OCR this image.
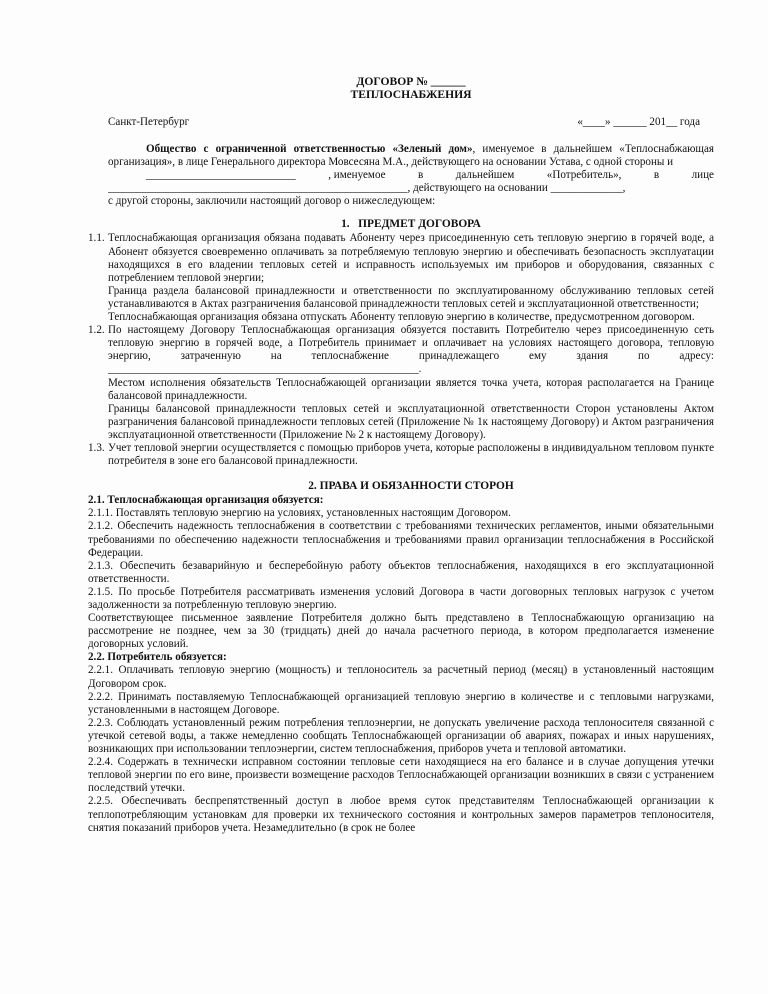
ДОГОВОР № ______
ТЕПЛОСНАБЖЕНИЯ
Санкт-Петербург	«____» ______ 201__ года

Общество с ограниченной ответственностью «Зеленый дом», именуемое в дальнейшем «Теплоснабжающая организация», в лице Генерального директора Мовсесяна М.А., действующего на основании Устава, с одной стороны и

___________________________	, именуемое	в	дальнейшем	«Потребитель»,	в	лице
______________________________________________________, действующего на основании _____________,
с другой стороны, заключили настоящий договор о нижеследующем:
1.   ПРЕДМЕТ ДОГОВОРА
1.1. Теплоснабжающая организация обязана подавать Абоненту через присоединенную сеть тепловую энергию в горячей воде, а Абонент обязуется своевременно оплачивать за потребляемую тепловую энергию и обеспечивать безопасность эксплуатации находящихся в его владении тепловых сетей и исправность используемых им приборов и оборудования, связанных с потреблением тепловой энергии;
Граница раздела балансовой принадлежности и ответственности по эксплуатированному обслуживанию тепловых сетей устанавливаются в Актах разграничения балансовой принадлежности тепловых сетей и эксплуатационной ответственности;
Теплоснабжающая организация обязана отпускать Абоненту тепловую энергию в количестве, предусмотренном договором.
1.2. По настоящему Договору Теплоснабжающая организация обязуется поставить Потребителю через присоединенную сеть тепловую энергию в горячей воде, а Потребитель принимает и оплачивает на условиях настоящего договора, тепловую энергию, затраченную на теплоснабжение принадлежащего ему здания по адресу: ________________________________________________________.
Местом исполнения обязательств Теплоснабжающей организации является точка учета, которая располагается на Границе балансовой принадлежности.
Границы балансовой принадлежности тепловых сетей и эксплуатационной ответственности Сторон установлены Актом разграничения балансовой принадлежности тепловых сетей (Приложение № 1к настоящему Договору) и Актом разграничения эксплуатационной ответственности (Приложение № 2 к настоящему Договору).
1.3. Учет тепловой энергии осуществляется с помощью приборов учета, которые расположены в индивидуальном тепловом пункте потребителя в зоне его балансовой принадлежности.
2. ПРАВА И ОБЯЗАННОСТИ СТОРОН
2.1. Теплоснабжающая организация обязуется:

2.1.1. Поставлять тепловую энергию на условиях, установленных настоящим Договором.

2.1.2. Обеспечить надежность теплоснабжения в соответствии с требованиями технических регламентов, иными обязательными требованиями по обеспечению надежности теплоснабжения и требованиями правил организации теплоснабжения в Российской Федерации.

2.1.3. Обеспечить безаварийную и бесперебойную работу объектов теплоснабжения, находящихся в его эксплуатационной ответственности.

2.1.5. По просьбе Потребителя рассматривать изменения условий Договора в части договорных тепловых нагрузок с учетом задолженности за потребленную тепловую энергию.

Соответствующее письменное заявление Потребителя должно быть представлено в Теплоснабжающую организацию на рассмотрение не позднее, чем за 30 (тридцать) дней до начала расчетного периода, в котором предполагается изменение договорных условий.

2.2. Потребитель обязуется:

2.2.1. Оплачивать тепловую энергию (мощность) и теплоноситель за расчетный период (месяц) в установленный настоящим Договором срок.

2.2.2. Принимать поставляемую Теплоснабжающей организацией тепловую энергию в количестве и с тепловыми нагрузками, установленными в настоящем Договоре.

2.2.3. Соблюдать установленный режим потребления теплоэнергии, не допускать увеличение расхода теплоносителя связанной с утечкой сетевой воды, а также немедленно сообщать Теплоснабжающей организации об авариях, пожарах и иных нарушениях, возникающих при использовании теплоэнергии, систем теплоснабжения, приборов учета и тепловой автоматики.

2.2.4. Содержать в технически исправном состоянии тепловые сети находящиеся на его балансе и в случае допущения утечки тепловой энергии по его вине, произвести возмещение расходов Теплоснабжающей организации возникших в связи с устранением последствий утечки.

2.2.5. Обеспечивать беспрепятственный доступ в любое время суток представителям Теплоснабжающей организации к теплопотребляющим установкам для проверки их технического состояния и контрольных замеров параметров теплоносителя, снятия показаний приборов учета. Незамедлительно (в срок не более
